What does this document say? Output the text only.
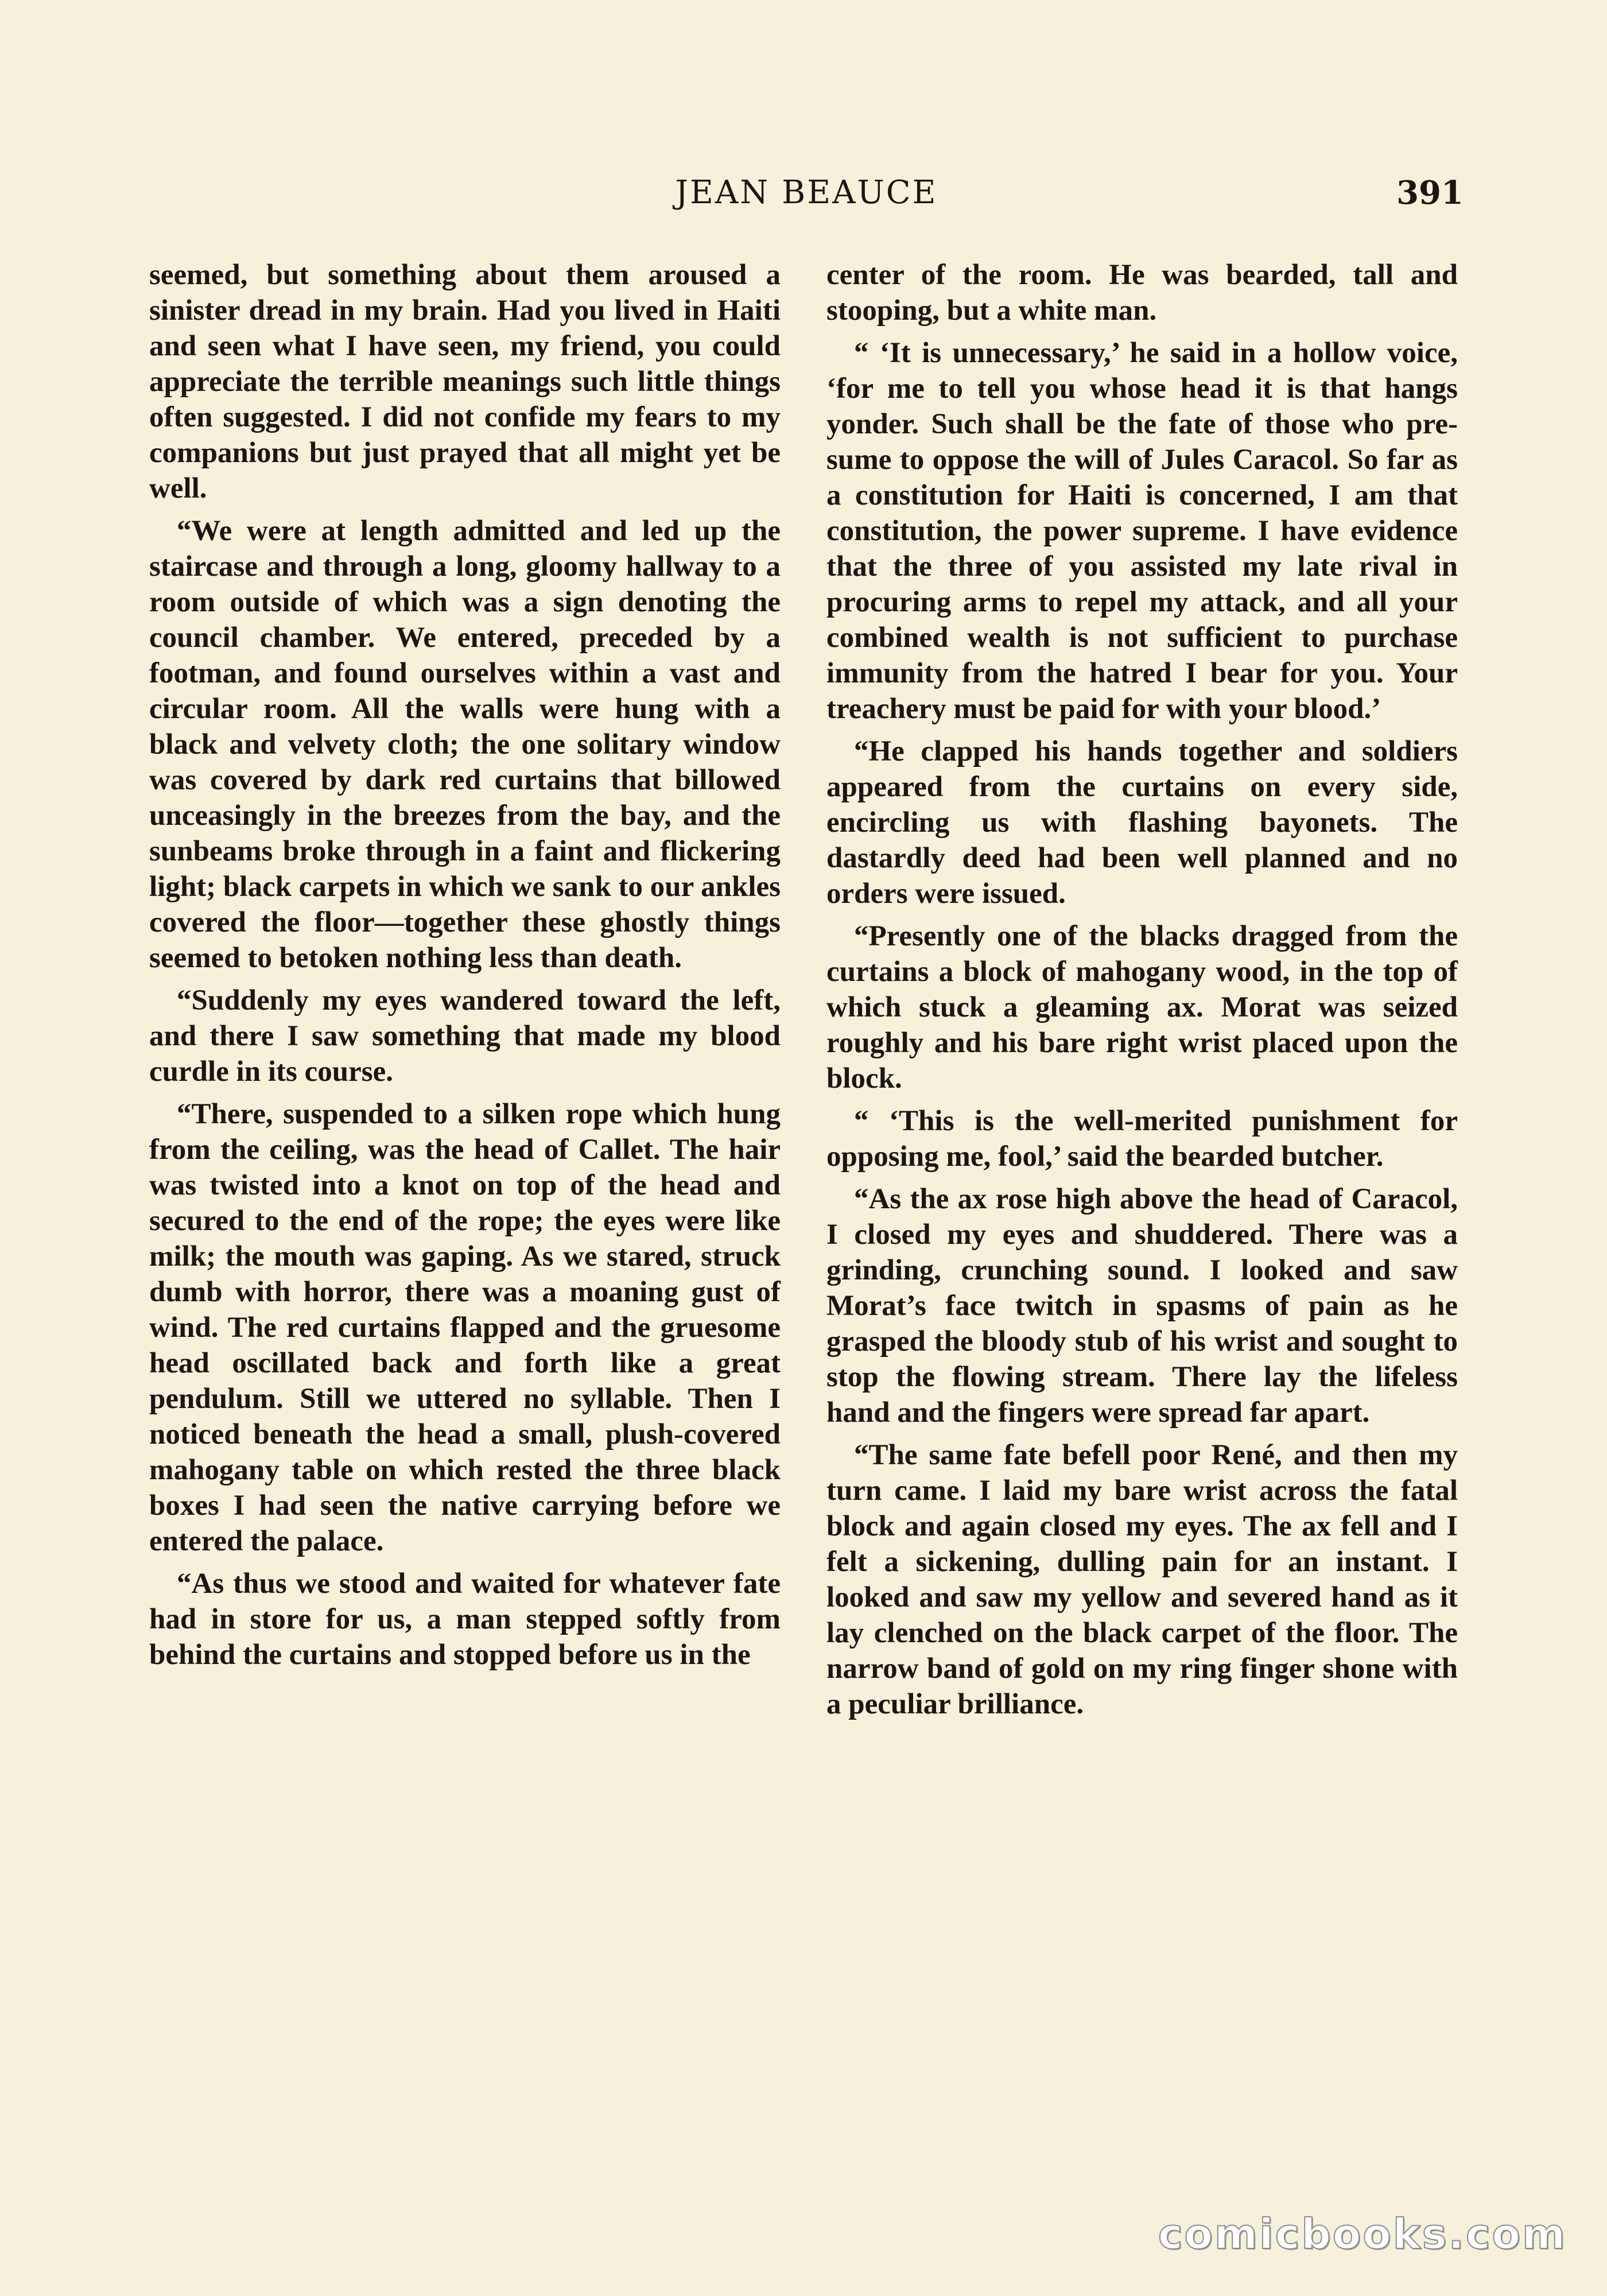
JEAN BEAUCE	391

seemed, but something about them aroused a sinister dread in my brain. Had you lived in Haiti and seen what I have seen, my friend, you could appreciate the terrible meanings such little things often suggested. I did not confide my fears to my companions but just prayed that all might yet be well.

“We were at length admitted and led up the staircase and through a long, gloomy hallway to a room outside of which was a sign denoting the council chamber. We entered, preceded by a footman, and found ourselves within a vast and circular room. All the walls were hung with a black and velvety cloth; the one solitary window was covered by dark red curtains that billowed unceasingly in the breezes from the bay, and the sunbeams broke through in a faint and flickering light; black carpets in which we sank to our ankles covered the floor—together these ghostly things seemed to betoken nothing less than death.

“Suddenly my eyes wandered toward the left, and there I saw something that made my blood curdle in its course.

“There, suspended to a silken rope which hung from the ceiling, was the head of Callet. The hair was twisted into a knot on top of the head and secured to the end of the rope; the eyes were like milk; the mouth was gaping. As we stared, struck dumb with horror, there was a moaning gust of wind. The red curtains flapped and the gruesome head oscillated back and forth like a great pendulum. Still we uttered no syllable. Then I noticed beneath the head a small, plush-covered mahogany table on which rested the three black boxes I had seen the native carrying before we entered the palace.

“As thus we stood and waited for whatever fate had in store for us, a man stepped softly from behind the curtains and stopped before us in the

center of the room. He was bearded, tall and stooping, but a white man.

“ ‘It is unnecessary,’ he said in a hollow voice, ‘for me to tell you whose head it is that hangs yonder. Such shall be the fate of those who presume to oppose the will of Jules Caracol. So far as a constitution for Haiti is concerned, I am that constitution, the power supreme. I have evidence that the three of you assisted my late rival in procuring arms to repel my attack, and all your combined wealth is not sufficient to purchase immunity from the hatred I bear for you. Your treachery must be paid for with your blood.’

“He clapped his hands together and soldiers appeared from the curtains on every side, encircling us with flashing bayonets. The dastardly deed had been well planned and no orders were issued.

“Presently one of the blacks dragged from the curtains a block of mahogany wood, in the top of which stuck a gleaming ax. Morat was seized roughly and his bare right wrist placed upon the block.

“ ‘This is the well-merited punishment for opposing me, fool,’ said the bearded butcher.

“As the ax rose high above the head of Caracol, I closed my eyes and shuddered. There was a grinding, crunching sound. I looked and saw Morat’s face twitch in spasms of pain as he grasped the bloody stub of his wrist and sought to stop the flowing stream. There lay the lifeless hand and the fingers were spread far apart.

“The same fate befell poor René, and then my turn came. I laid my bare wrist across the fatal block and again closed my eyes. The ax fell and I felt a sickening, dulling pain for an instant. I looked and saw my yellow and severed hand as it lay clenched on the black carpet of the floor. The narrow band of gold on my ring finger shone with a peculiar brilliance.

comicbooks.com
